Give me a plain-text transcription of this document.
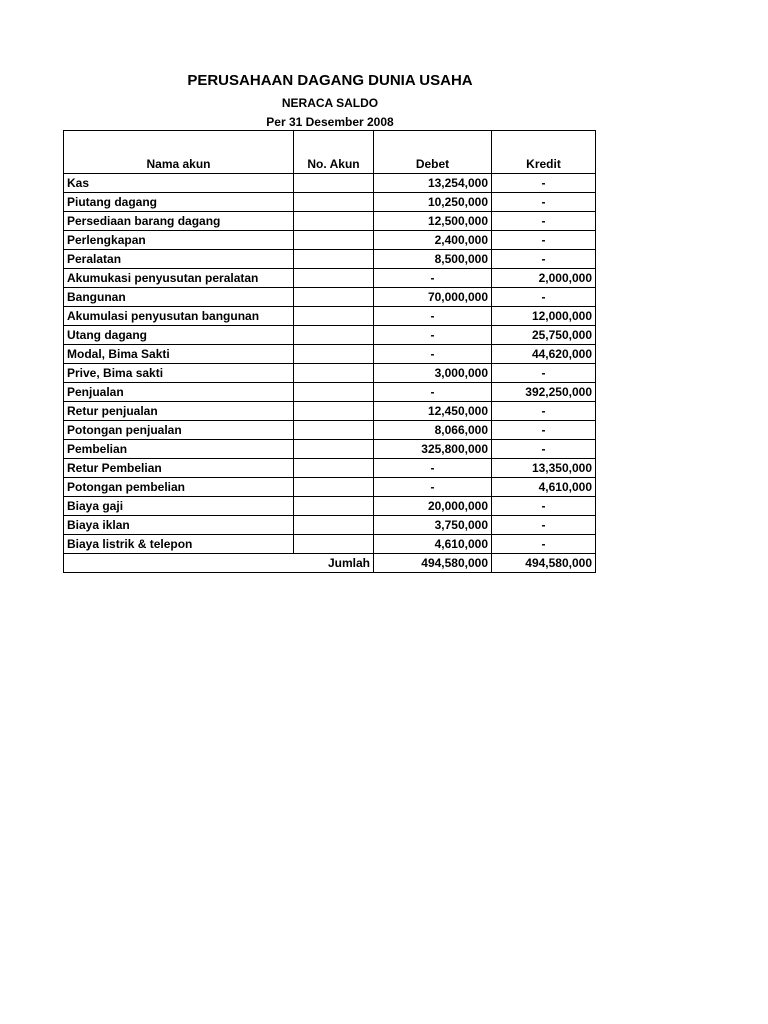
PERUSAHAAN DAGANG DUNIA USAHA
NERACA SALDO
Per 31 Desember 2008
Nama akun	No. Akun	Debet	Kredit
Kas		13,254,000	-
Piutang dagang		10,250,000	-
Persediaan barang dagang		12,500,000	-
Perlengkapan		2,400,000	-
Peralatan		8,500,000	-
Akumukasi penyusutan peralatan		-	2,000,000
Bangunan		70,000,000	-
Akumulasi penyusutan bangunan		-	12,000,000
Utang dagang		-	25,750,000
Modal, Bima Sakti		-	44,620,000
Prive, Bima sakti		3,000,000	-
Penjualan		-	392,250,000
Retur penjualan		12,450,000	-
Potongan penjualan		8,066,000	-
Pembelian		325,800,000	-
Retur Pembelian		-	13,350,000
Potongan pembelian		-	4,610,000
Biaya gaji		20,000,000	-
Biaya iklan		3,750,000	-
Biaya listrik & telepon		4,610,000	-
Jumlah		494,580,000	494,580,000
